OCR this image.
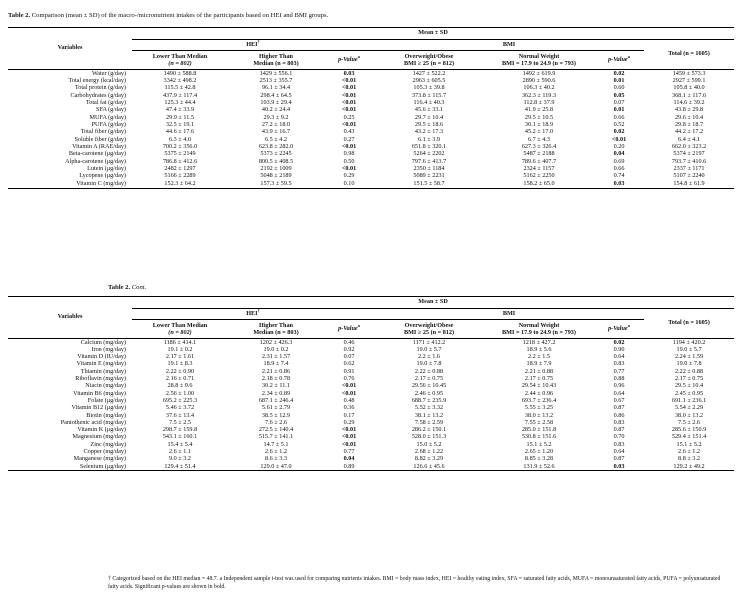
Table 2. Comparison (mean ± SD) of the macro-/micronutrient intakes of the participants based on HEI and BMI groups.
Variables	Mean ± SD						
	HEI†			BMI			Total (n = 1605)
	Lower Than Median
(n = 802)	Higher Than
Median (n = 803)	p-Value$^a$	Overweight/Obese
BMI ≥ 25 (n = 812)	Normal Weight
BMI = 17.9 to 24.9 (n = 793)	p-Value$^a$
Water (g/day)	1490 ± 588.8	1429 ± 556.1	0.03	1427 ± 522.2	1492 ± 619.9	0.02	1459 ± 573.3
Total energy (kcal/day)	3342 ± 498.2	2513 ± 355.7	<0.01	2963 ± 605.5	2890 ± 590.6	0.01	2927 ± 599.1
Total protein (g/day)	115.5 ± 42.8	96.1 ± 34.4	<0.01	105.3 ± 39.8	106.3 ± 40.2	0.60	105.8 ± 40.0
Carbohydrates (g/day)	437.9 ± 117.4	298.4 ± 64.5	<0.01	373.8 ± 115.7	362.3 ± 119.3	0.05	368.1 ± 117.6
Total fat (g/day)	125.3 ± 44.4	103.9 ± 29.4	<0.01	116.4 ± 40.3	112.8 ± 37.9	0.07	114.6 ± 39.2
SFA (g/day)	47.4 ± 33.9	40.2 ± 24.4	<0.01	45.6 ± 33.1	41.9 ± 25.8	0.01	43.8 ± 29.8
MUFA (g/day)	29.9 ± 11.5	29.3 ± 9.2	0.25	29.7 ± 10.4	29.5 ± 10.5	0.66	29.6 ± 10.4
PUFA (g/day)	32.5 ± 19.1	27.2 ± 18.0	<0.01	29.5 ± 18.6	30.1 ± 18.9	0.52	29.8 ± 18.7
Total fiber (g/day)	44.6 ± 17.6	43.9 ± 16.7	0.43	43.2 ± 17.3	45.2 ± 17.0	0.02	44.2 ± 17.2
Soluble fiber (g/day)	6.3 ± 4.0	6.5 ± 4.2	0.27	6.1 ± 3.9	6.7 ± 4.3	<0.01	6.4 ± 4.1
Vitamin A (RAE/day)	700.2 ± 356.0	623.8 ± 282.0	<0.01	651.8 ± 320.1	627.3 ± 326.4	0.20	662.0 ± 323.2
Beta-carotene (μg/day)	5375 ± 2149	5373 ± 2245	0.98	5264 ± 2202	5487 ± 2188	0.04	5374 ± 2197
Alpha-carotene (μg/day)	786.8 ± 412.6	800.5 ± 408.5	0.50	797.6 ± 413.7	789.6 ± 407.7	0.69	793.7 ± 410.6
Lutein (μg/day)	2482 ± 1297	2192 ± 1009	<0.01	2350 ± 1184	2324 ± 1157	0.66	2337 ± 1171
Lycopene (μg/day)	5166 ± 2289	5048 ± 2189	0.29	5089 ± 2231	5162 ± 2250	0.74	5107 ± 2240
Vitamin C (mg/day)	152.3 ± 64.2	157.3 ± 59.5	0.10	151.5 ± 58.7	158.2 ± 65.0	0.03	154.8 ± 61.9
Table 2. Cont.
Variables	Mean ± SD						
	HEI†			BMI			Total (n = 1605)
	Lower Than Median
(n = 802)	Higher Than
Median (n = 803)	p-Value$^a$	Overweight/Obese
BMI ≥ 25 (n = 812)	Normal Weight
BMI = 17.9 to 24.9 (n = 793)	p-Value$^a$
Calcium (mg/day)	1186 ± 414.1	1202 ± 426.3	0.46	1171 ± 412.2	1218 ± 427.2	0.02	1194 ± 420.2
Iron (mg/day)	19.1 ± 0.2	19.0 ± 0.2	0.92	19.0 ± 5.7	18.9 ± 5.6	0.90	19.0 ± 5.7
Vitamin D (IU/day)	2.17 ± 1.61	2.31 ± 1.57	0.07	2.2 ± 1.6	2.2 ± 1.5	0.64	2.24 ± 1.59
Vitamin E (mg/day)	19.1 ± 8.3	18.9 ± 7.4	0.62	19.0 ± 7.8	18.9 ± 7.9	0.83	19.0 ± 7.8
Thiamin (mg/day)	2.22 ± 0.90	2.21 ± 0.86	0.91	2.22 ± 0.88	2.21 ± 0.88	0.77	2.22 ± 0.88
Riboflavin (mg/day)	2.16 ± 0.71	2.18 ± 0.78	0.76	2.17 ± 0.75	2.17 ± 0.75	0.88	2.17 ± 0.75
Niacin (mg/day)	28.8 ± 9.6	30.2 ± 11.1	<0.01	29.56 ± 10.45	29.54 ± 10.43	0.96	29.5 ± 10.4
Vitamin B6 (mg/day)	2.56 ± 1.00	2.34 ± 0.89	<0.01	2.46 ± 0.95	2.44 ± 0.96	0.64	2.45 ± 0.95
Folate (μg/day)	695.2 ± 225.3	687.1 ± 246.4	0.48	688.7 ± 235.9	693.7 ± 236.4	0.67	691.1 ± 236.1
Vitamin B12 (μg/day)	5.46 ± 3.72	5.61 ± 2.79	0.36	5.52 ± 3.32	5.55 ± 3.25	0.87	5.54 ± 2.29
Biotin (mg/day)	37.6 ± 13.4	38.5 ± 12.9	0.17	38.1 ± 13.2	38.0 ± 13.2	0.86	38.0 ± 13.2
Pantothenic acid (mg/day)	7.5 ± 2.5	7.6 ± 2.6	0.29	7.58 ± 2.59	7.55 ± 2.58	0.83	7.5 ± 2.6
Vitamin K (μg/day)	298.7 ± 159.8	272.5 ± 140.4	<0.01	286.2 ± 150.1	285.0 ± 151.8	0.87	285.6 ± 150.9
Magnesium (mg/day)	543.1 ± 160.1	515.7 ± 141.1	<0.01	528.0 ± 151.3	530.8 ± 151.6	0.70	529.4 ± 151.4
Zinc (mg/day)	15.4 ± 5.4	14.7 ± 5.1	<0.01	15.0 ± 5.2	15.1 ± 5.2	0.83	15.1 ± 5.2
Copper (mg/day)	2.6 ± 1.1	2.6 ± 1.2	0.77	2.68 ± 1.22	2.65 ± 1.20	0.64	2.6 ± 1.2
Manganese (mg/day)	9.0 ± 3.2	8.6 ± 3.3	0.04	8.82 ± 3.29	8.85 ± 3.28	0.87	8.8 ± 3.2
Selenium (μg/day)	129.4 ± 51.4	129.0 ± 47.0	0.89	126.6 ± 45.6	131.9 ± 52.6	0.03	129.2 ± 49.2
† Categorized based on the HEI median = 48.7. a Independent sample t-test was used for comparing nutrients intakes. BMI = body mass index, HEI = healthy eating index, SFA = saturated fatty acids, MUFA = monounsaturated fatty acids, PUFA = polyunsaturated fatty acids. Significant p-values are shown in bold.
